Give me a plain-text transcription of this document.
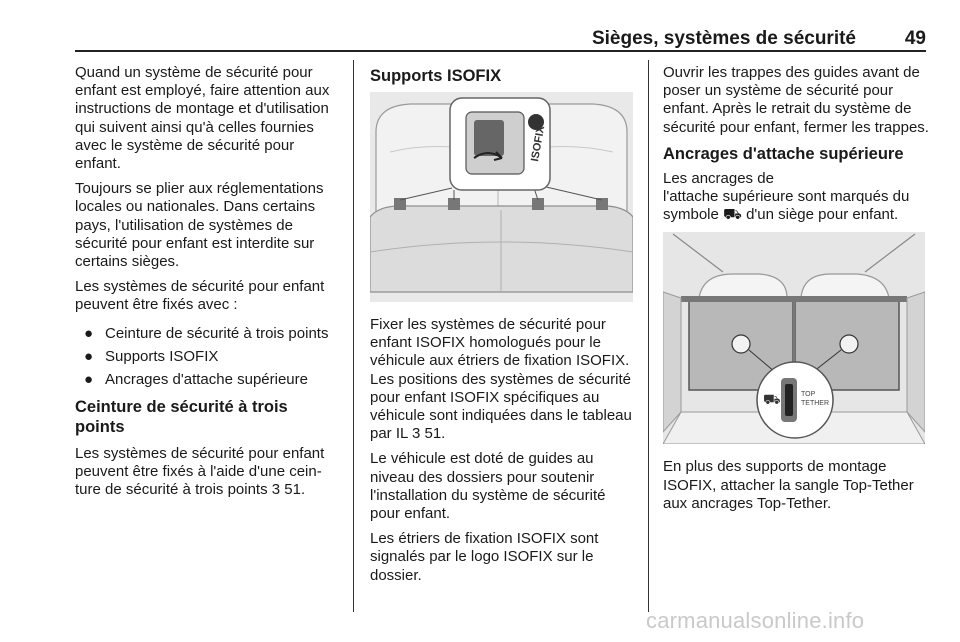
Sièges, systèmes de sécurité	49

Quand un système de sécurité pour enfant est employé, faire attention aux instructions de montage et d'utilisation qui suivent ainsi qu'à celles fournies avec le système de sécurité pour enfant.

Toujours se plier aux réglementations locales ou nationales. Dans certains pays, l'utilisation de systèmes de sécurité pour enfant est interdite sur certains sièges.

Les systèmes de sécurité pour enfant peuvent être fixés avec :

● Ceinture de sécurité à trois points
● Supports ISOFIX
● Ancrages d'attache supérieure
Ceinture de sécurité à trois points

Les systèmes de sécurité pour enfant peuvent être fixés à l'aide d'une ceinture de sécurité à trois points 3 51.

Supports ISOFIX
ISOFIX

Fixer les systèmes de sécurité pour enfant ISOFIX homologués pour le véhicule aux étriers de fixation ISOFIX. Les positions des systèmes de sécurité pour enfant ISOFIX spécifiques au véhicule sont indiquées dans le tableau par IL 3 51.

Le véhicule est doté de guides au niveau des dossiers pour soutenir l'installation du système de sécurité pour enfant.

Les étriers de fixation ISOFIX sont signalés par le logo ISOFIX sur le dossier.

Ouvrir les trappes des guides avant de poser un système de sécurité pour enfant. Après le retrait du système de sécurité pour enfant, fermer les trappes.

Ancrages d'attache supérieure

Les ancrages de
l'attache supérieure sont marqués du symbole ⛟ d'un siège pour enfant.

⛟	TOP
TETHER

En plus des supports de montage ISOFIX, attacher la sangle Top-Tether aux ancrages Top-Tether.

carmanualsonline.info
